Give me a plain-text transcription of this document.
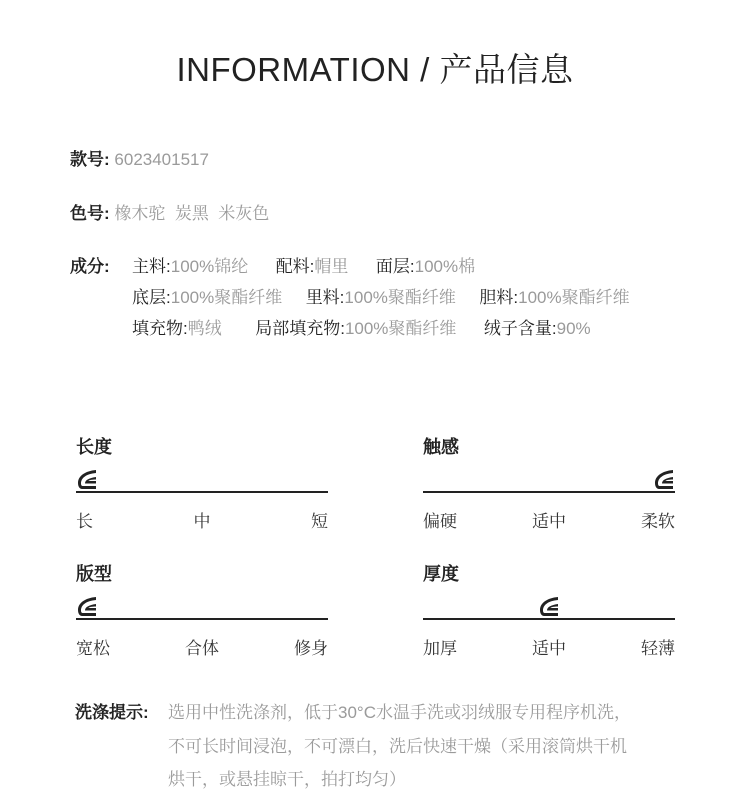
INFORMATION / 产品信息
款号: 6023401517
色号: 橡木驼  炭黑  米灰色
成分: 主料:100%锦纶 配料:帽里 面层:100%棉
底层:100%聚酯纤维 里料:100%聚酯纤维 胆料:100%聚酯纤维
填充物:鸭绒 局部填充物:100%聚酯纤维 绒子含量:90%
长度
长	中	短
触感
偏硬	适中	柔软
版型
宽松	合体	修身
厚度
加厚	适中	轻薄
洗涤提示: 选用中性洗涤剂，低于30°C水温手洗或羽绒服专用程序机洗，
不可长时间浸泡，不可漂白，洗后快速干燥（采用滚筒烘干机
烘干，或悬挂晾干，拍打均匀）
